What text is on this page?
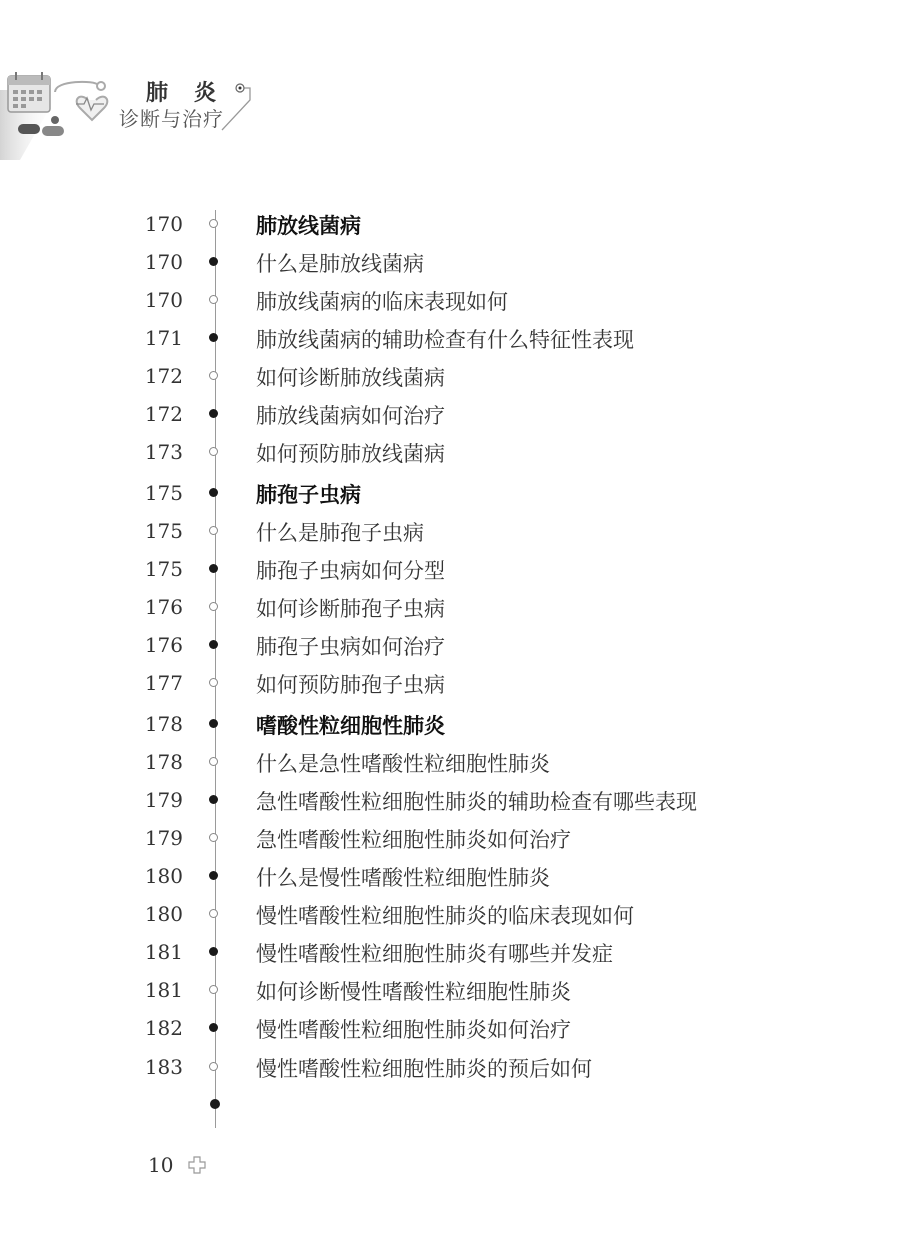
肺炎
诊断与治疗
170	肺放线菌病
170	什么是肺放线菌病
170	肺放线菌病的临床表现如何
171	肺放线菌病的辅助检查有什么特征性表现
172	如何诊断肺放线菌病
172	肺放线菌病如何治疗
173	如何预防肺放线菌病
175	肺孢子虫病
175	什么是肺孢子虫病
175	肺孢子虫病如何分型
176	如何诊断肺孢子虫病
176	肺孢子虫病如何治疗
177	如何预防肺孢子虫病
178	嗜酸性粒细胞性肺炎
178	什么是急性嗜酸性粒细胞性肺炎
179	急性嗜酸性粒细胞性肺炎的辅助检查有哪些表现
179	急性嗜酸性粒细胞性肺炎如何治疗
180	什么是慢性嗜酸性粒细胞性肺炎
180	慢性嗜酸性粒细胞性肺炎的临床表现如何
181	慢性嗜酸性粒细胞性肺炎有哪些并发症
181	如何诊断慢性嗜酸性粒细胞性肺炎
182	慢性嗜酸性粒细胞性肺炎如何治疗
183	慢性嗜酸性粒细胞性肺炎的预后如何
10
